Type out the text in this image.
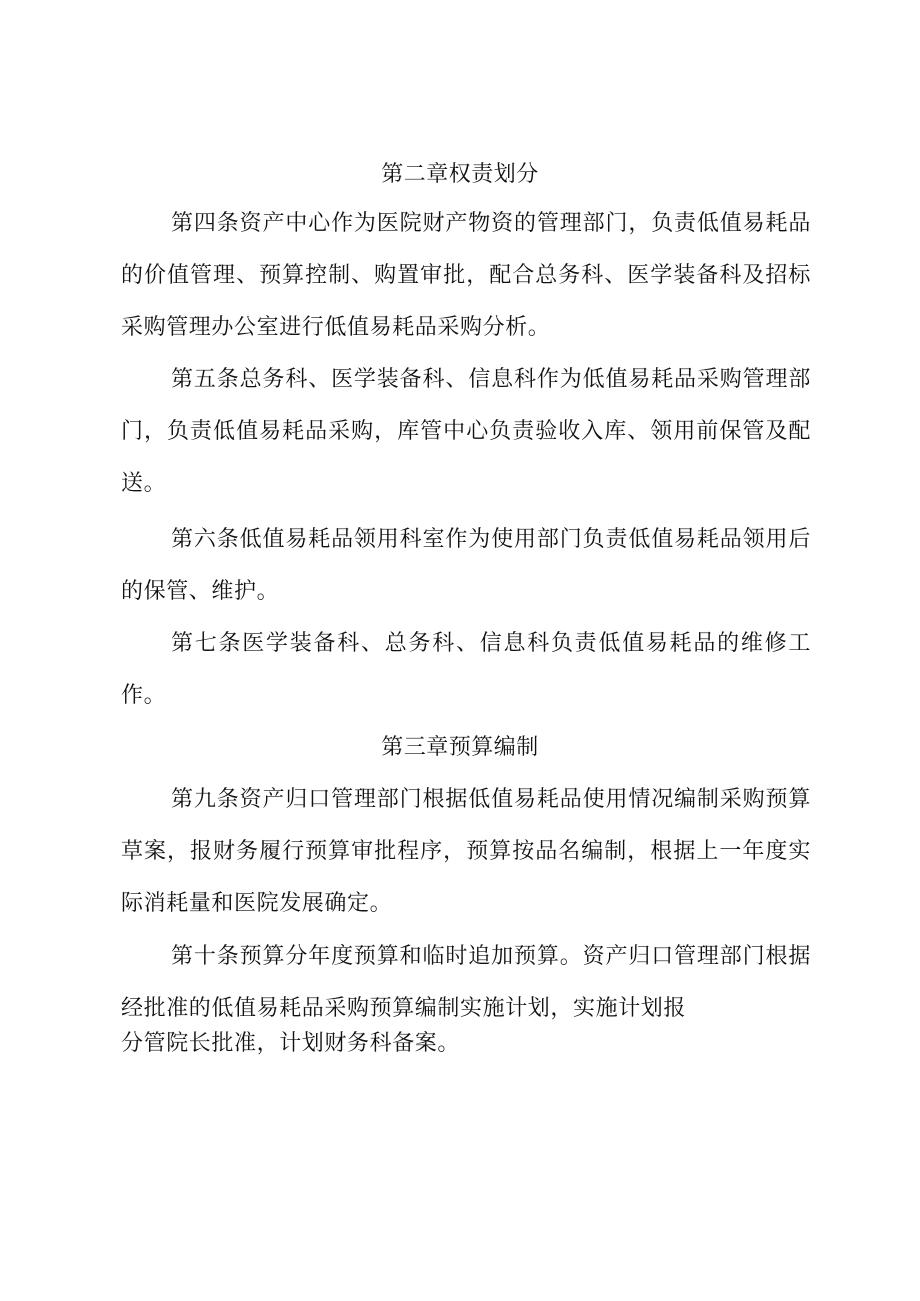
第二章权责划分

第四条资产中心作为医院财产物资的管理部门，负责低值易耗品的价值管理、预算控制、购置审批，配合总务科、医学装备科及招标采购管理办公室进行低值易耗品采购分析。

第五条总务科、医学装备科、信息科作为低值易耗品采购管理部门，负责低值易耗品采购，库管中心负责验收入库、领用前保管及配送。

第六条低值易耗品领用科室作为使用部门负责低值易耗品领用后的保管、维护。

第七条医学装备科、总务科、信息科负责低值易耗品的维修工作。

第三章预算编制

第九条资产归口管理部门根据低值易耗品使用情况编制采购预算草案，报财务履行预算审批程序，预算按品名编制，根据上一年度实际消耗量和医院发展确定。

第十条预算分年度预算和临时追加预算。资产归口管理部门根据

经批准的低值易耗品采购预算编制实施计划，实施计划报

分管院长批准，计划财务科备案。
